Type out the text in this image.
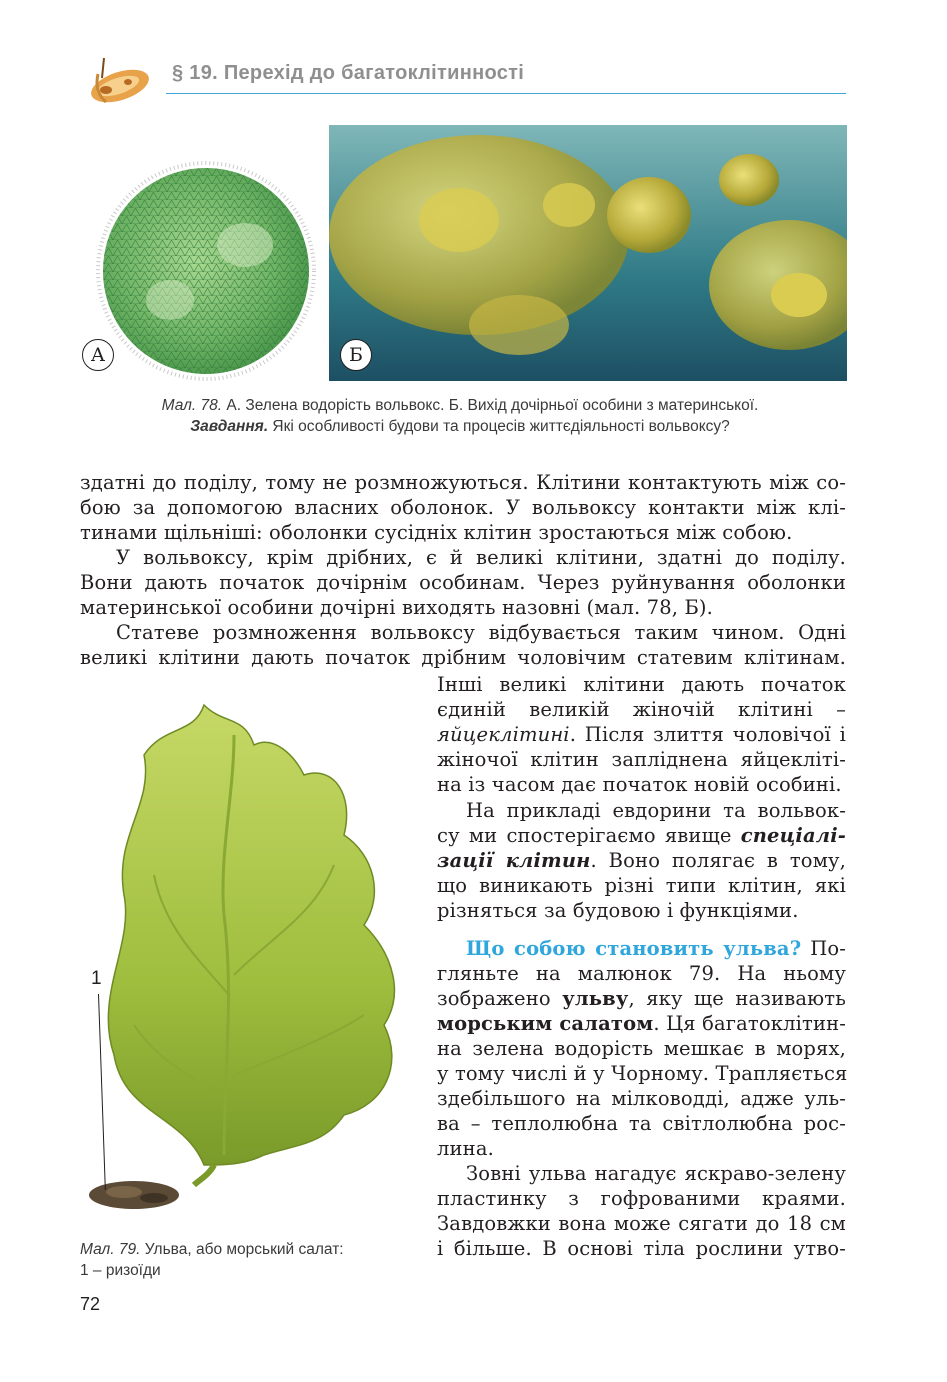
§ 19. Перехід до багатоклітинності
А	Б
Мал. 78. А. Зелена водорість вольвокс. Б. Вихід дочірньої особини з материнської.
Завдання. Які особливості будови та процесів життєдіяльності вольвоксу?
здатні до поділу, тому не розмножуються. Клітини контактують між со-
бою за допомогою власних оболонок. У вольвоксу контакти між клі-
тинами щільніші: оболонки сусідніх клітин зростаються між собою.
У вольвоксу, крім дрібних, є й великі клітини, здатні до поділу.
Вони дають початок дочірнім особинам. Через руйнування оболонки
материнської особини дочірні виходять назовні (мал. 78, Б).
Статеве розмноження вольвоксу відбувається таким чином. Одні
великі клітини дають початок дрібним чоловічим статевим клітинам.
Інші великі клітини дають початок
єдиній великій жіночій клітині –
яйцеклітині. Після злиття чоловічої і
жіночої клітин запліднена яйцеклітi-
на із часом дає початок новій особині.
На прикладі евдорини та вольвок-
су ми спостерігаємо явище спеціалі-
зації клітин. Воно полягає в тому,
що виникають різні типи клітин, які
різняться за будовою і функціями.
Що собою становить ульва? По-
гляньте на малюнок 79. На ньому
зображено ульву, яку ще називають
морським салатом. Ця багатоклітин-
на зелена водорість мешкає в морях,
у тому числі й у Чорному. Трапляється
здебільшого на мілководді, адже уль-
ва – теплолюбна та світлолюбна рос-
лина.
Зовні ульва нагадує яскраво-зелену
пластинку з гофрованими краями.
Завдовжки вона може сягати до 18 см
і більше. В основі тіла рослини утво-
1
Мал. 79. Ульва, або морський салат:
1 – ризоїди
72
